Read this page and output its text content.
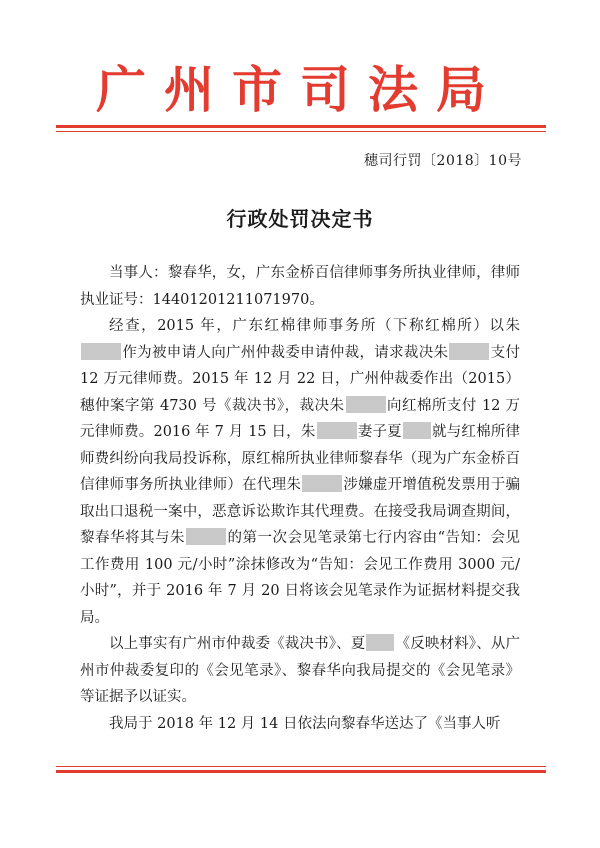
广州市司法局
穗司行罚〔2018〕10号
行政处罚决定书

当事人：黎春华，女，广东金桥百信律师事务所执业律师，律师执业证号：14401201211071970。

经查，2015 年，广东红棉律师事务所（下称红棉所）以朱作为被申请人向广州仲裁委申请仲裁，请求裁决朱	支付 12 万元律师费。2015 年 12 月 22 日，广州仲裁委作出（2015）穗仲案字第 4730 号《裁决书》，裁决朱	向红棉所支付 12 万元律师费。2016 年 7 月 15 日，朱	妻子夏 就与红棉所律师费纠纷向我局投诉称，原红棉所执业律师黎春华（现为广东金桥百信律师事务所执业律师）在代理朱	涉嫌虚开增值税发票用于骗取出口退税一案中，恶意诉讼欺诈其代理费。在接受我局调查期间，黎春华将其与朱	的第一次会见笔录第七行内容由“告知：会见工作费用 100 元/小时”涂抹修改为“告知：会见工作费用 3000 元/小时”，并于 2016 年 7 月 20 日将该会见笔录作为证据材料提交我局。

以上事实有广州市仲裁委《裁决书》、夏 《反映材料》、从广州市仲裁委复印的《会见笔录》、黎春华向我局提交的《会见笔录》等证据予以证实。

我局于 2018 年 12 月 14 日依法向黎春华送达了《当事人听
